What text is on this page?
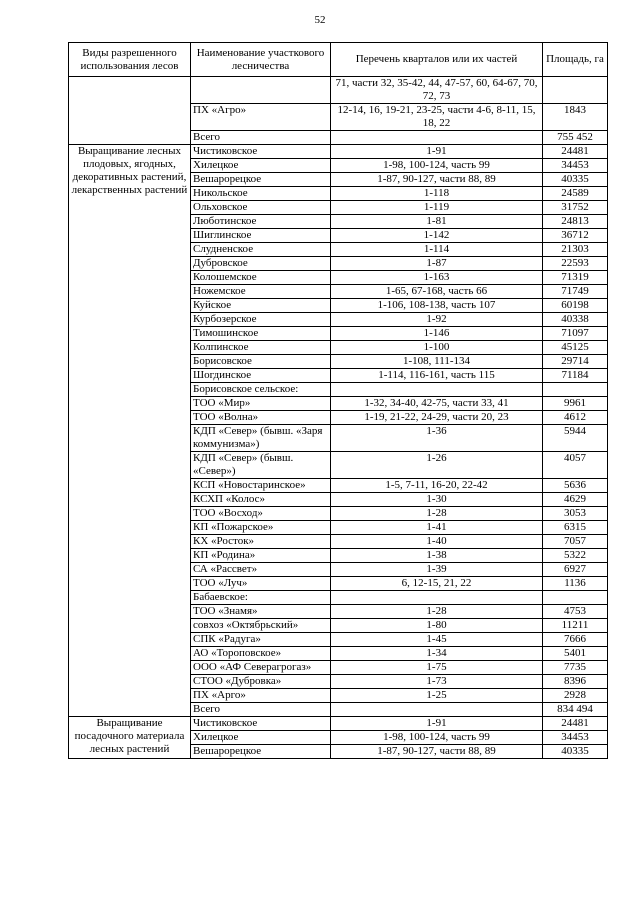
52
Виды разрешенного использования лесов	Наименование участкового лесничества	Перечень кварталов или их частей	Площадь, га
		71, части 32, 35-42, 44, 47-57, 60, 64-67, 70, 72, 73	
	ПХ «Агро»	12-14, 16, 19-21, 23-25, части 4-6, 8-11, 15, 18, 22	1843
	Всего		755 452
Выращивание лесных плодовых, ягодных, декоративных растений, лекарственных растений	Чистиковское	1-91	24481
	Хилецкое	1-98, 100-124, часть 99	34453
	Вешарорецкое	1-87, 90-127, части 88, 89	40335
	Никольское	1-118	24589
	Ольховское	1-119	31752
	Люботинское	1-81	24813
	Шиглинское	1-142	36712
	Слудненское	1-114	21303
	Дубровское	1-87	22593
	Колошемское	1-163	71319
	Ножемское	1-65, 67-168, часть 66	71749
	Куйское	1-106, 108-138, часть 107	60198
	Курбозерское	1-92	40338
	Тимошинское	1-146	71097
	Колпинское	1-100	45125
	Борисовское	1-108, 111-134	29714
	Шогдинское	1-114, 116-161, часть 115	71184
	Борисовское сельское:		
	ТОО «Мир»	1-32, 34-40, 42-75, части 33, 41	9961
	ТОО «Волна»	1-19, 21-22, 24-29, части 20, 23	4612
	КДП «Север» (бывш. «Заря коммунизма»)	1-36	5944
	КДП «Север» (бывш. «Север»)	1-26	4057
	КСП «Новостаринское»	1-5, 7-11, 16-20, 22-42	5636
	КСХП «Колос»	1-30	4629
	ТОО «Восход»	1-28	3053
	КП «Пожарское»	1-41	6315
	КХ «Росток»	1-40	7057
	КП «Родина»	1-38	5322
	СА «Рассвет»	1-39	6927
	ТОО «Луч»	6, 12-15, 21, 22	1136
	Бабаевское:		
	ТОО «Знамя»	1-28	4753
	совхоз «Октябрьский»	1-80	11211
	СПК «Радуга»	1-45	7666
	АО «Тороповское»	1-34	5401
	ООО «АФ Северагрогаз»	1-75	7735
	СТОО «Дубровка»	1-73	8396
	ПХ «Арго»	1-25	2928
	Всего		834 494
Выращивание посадочного материала лесных растений	Чистиковское	1-91	24481
	Хилецкое	1-98, 100-124, часть 99	34453
	Вешарорецкое	1-87, 90-127, части 88, 89	40335
